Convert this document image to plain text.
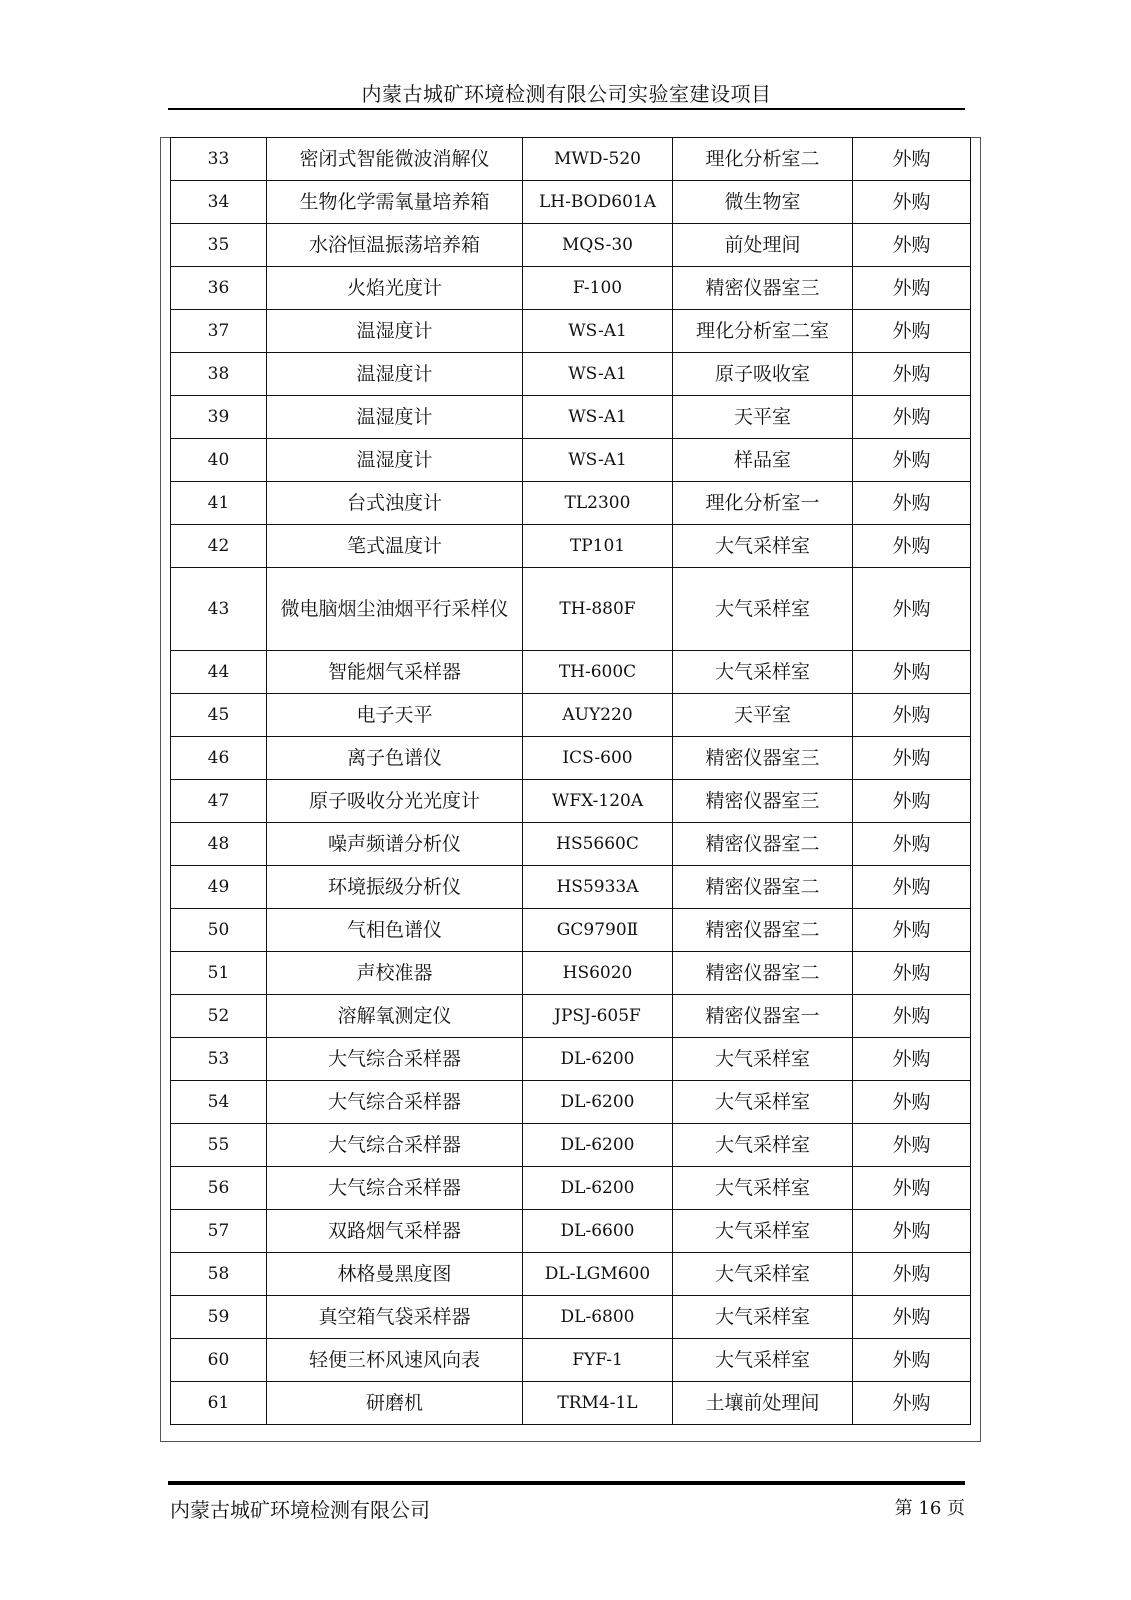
内蒙古城矿环境检测有限公司实验室建设项目
33	密闭式智能微波消解仪	MWD-520	理化分析室二	外购
34	生物化学需氧量培养箱	LH-BOD601A	微生物室	外购
35	水浴恒温振荡培养箱	MQS-30	前处理间	外购
36	火焰光度计	F-100	精密仪器室三	外购
37	温湿度计	WS-A1	理化分析室二室	外购
38	温湿度计	WS-A1	原子吸收室	外购
39	温湿度计	WS-A1	天平室	外购
40	温湿度计	WS-A1	样品室	外购
41	台式浊度计	TL2300	理化分析室一	外购
42	笔式温度计	TP101	大气采样室	外购
43	微电脑烟尘油烟平行采样仪	TH-880F	大气采样室	外购
44	智能烟气采样器	TH-600C	大气采样室	外购
45	电子天平	AUY220	天平室	外购
46	离子色谱仪	ICS-600	精密仪器室三	外购
47	原子吸收分光光度计	WFX-120A	精密仪器室三	外购
48	噪声频谱分析仪	HS5660C	精密仪器室二	外购
49	环境振级分析仪	HS5933A	精密仪器室二	外购
50	气相色谱仪	GC9790Ⅱ	精密仪器室二	外购
51	声校准器	HS6020	精密仪器室二	外购
52	溶解氧测定仪	JPSJ-605F	精密仪器室一	外购
53	大气综合采样器	DL-6200	大气采样室	外购
54	大气综合采样器	DL-6200	大气采样室	外购
55	大气综合采样器	DL-6200	大气采样室	外购
56	大气综合采样器	DL-6200	大气采样室	外购
57	双路烟气采样器	DL-6600	大气采样室	外购
58	林格曼黑度图	DL-LGM600	大气采样室	外购
59	真空箱气袋采样器	DL-6800	大气采样室	外购
60	轻便三杯风速风向表	FYF-1	大气采样室	外购
61	研磨机	TRM4-1L	土壤前处理间	外购
内蒙古城矿环境检测有限公司	第 16 页
